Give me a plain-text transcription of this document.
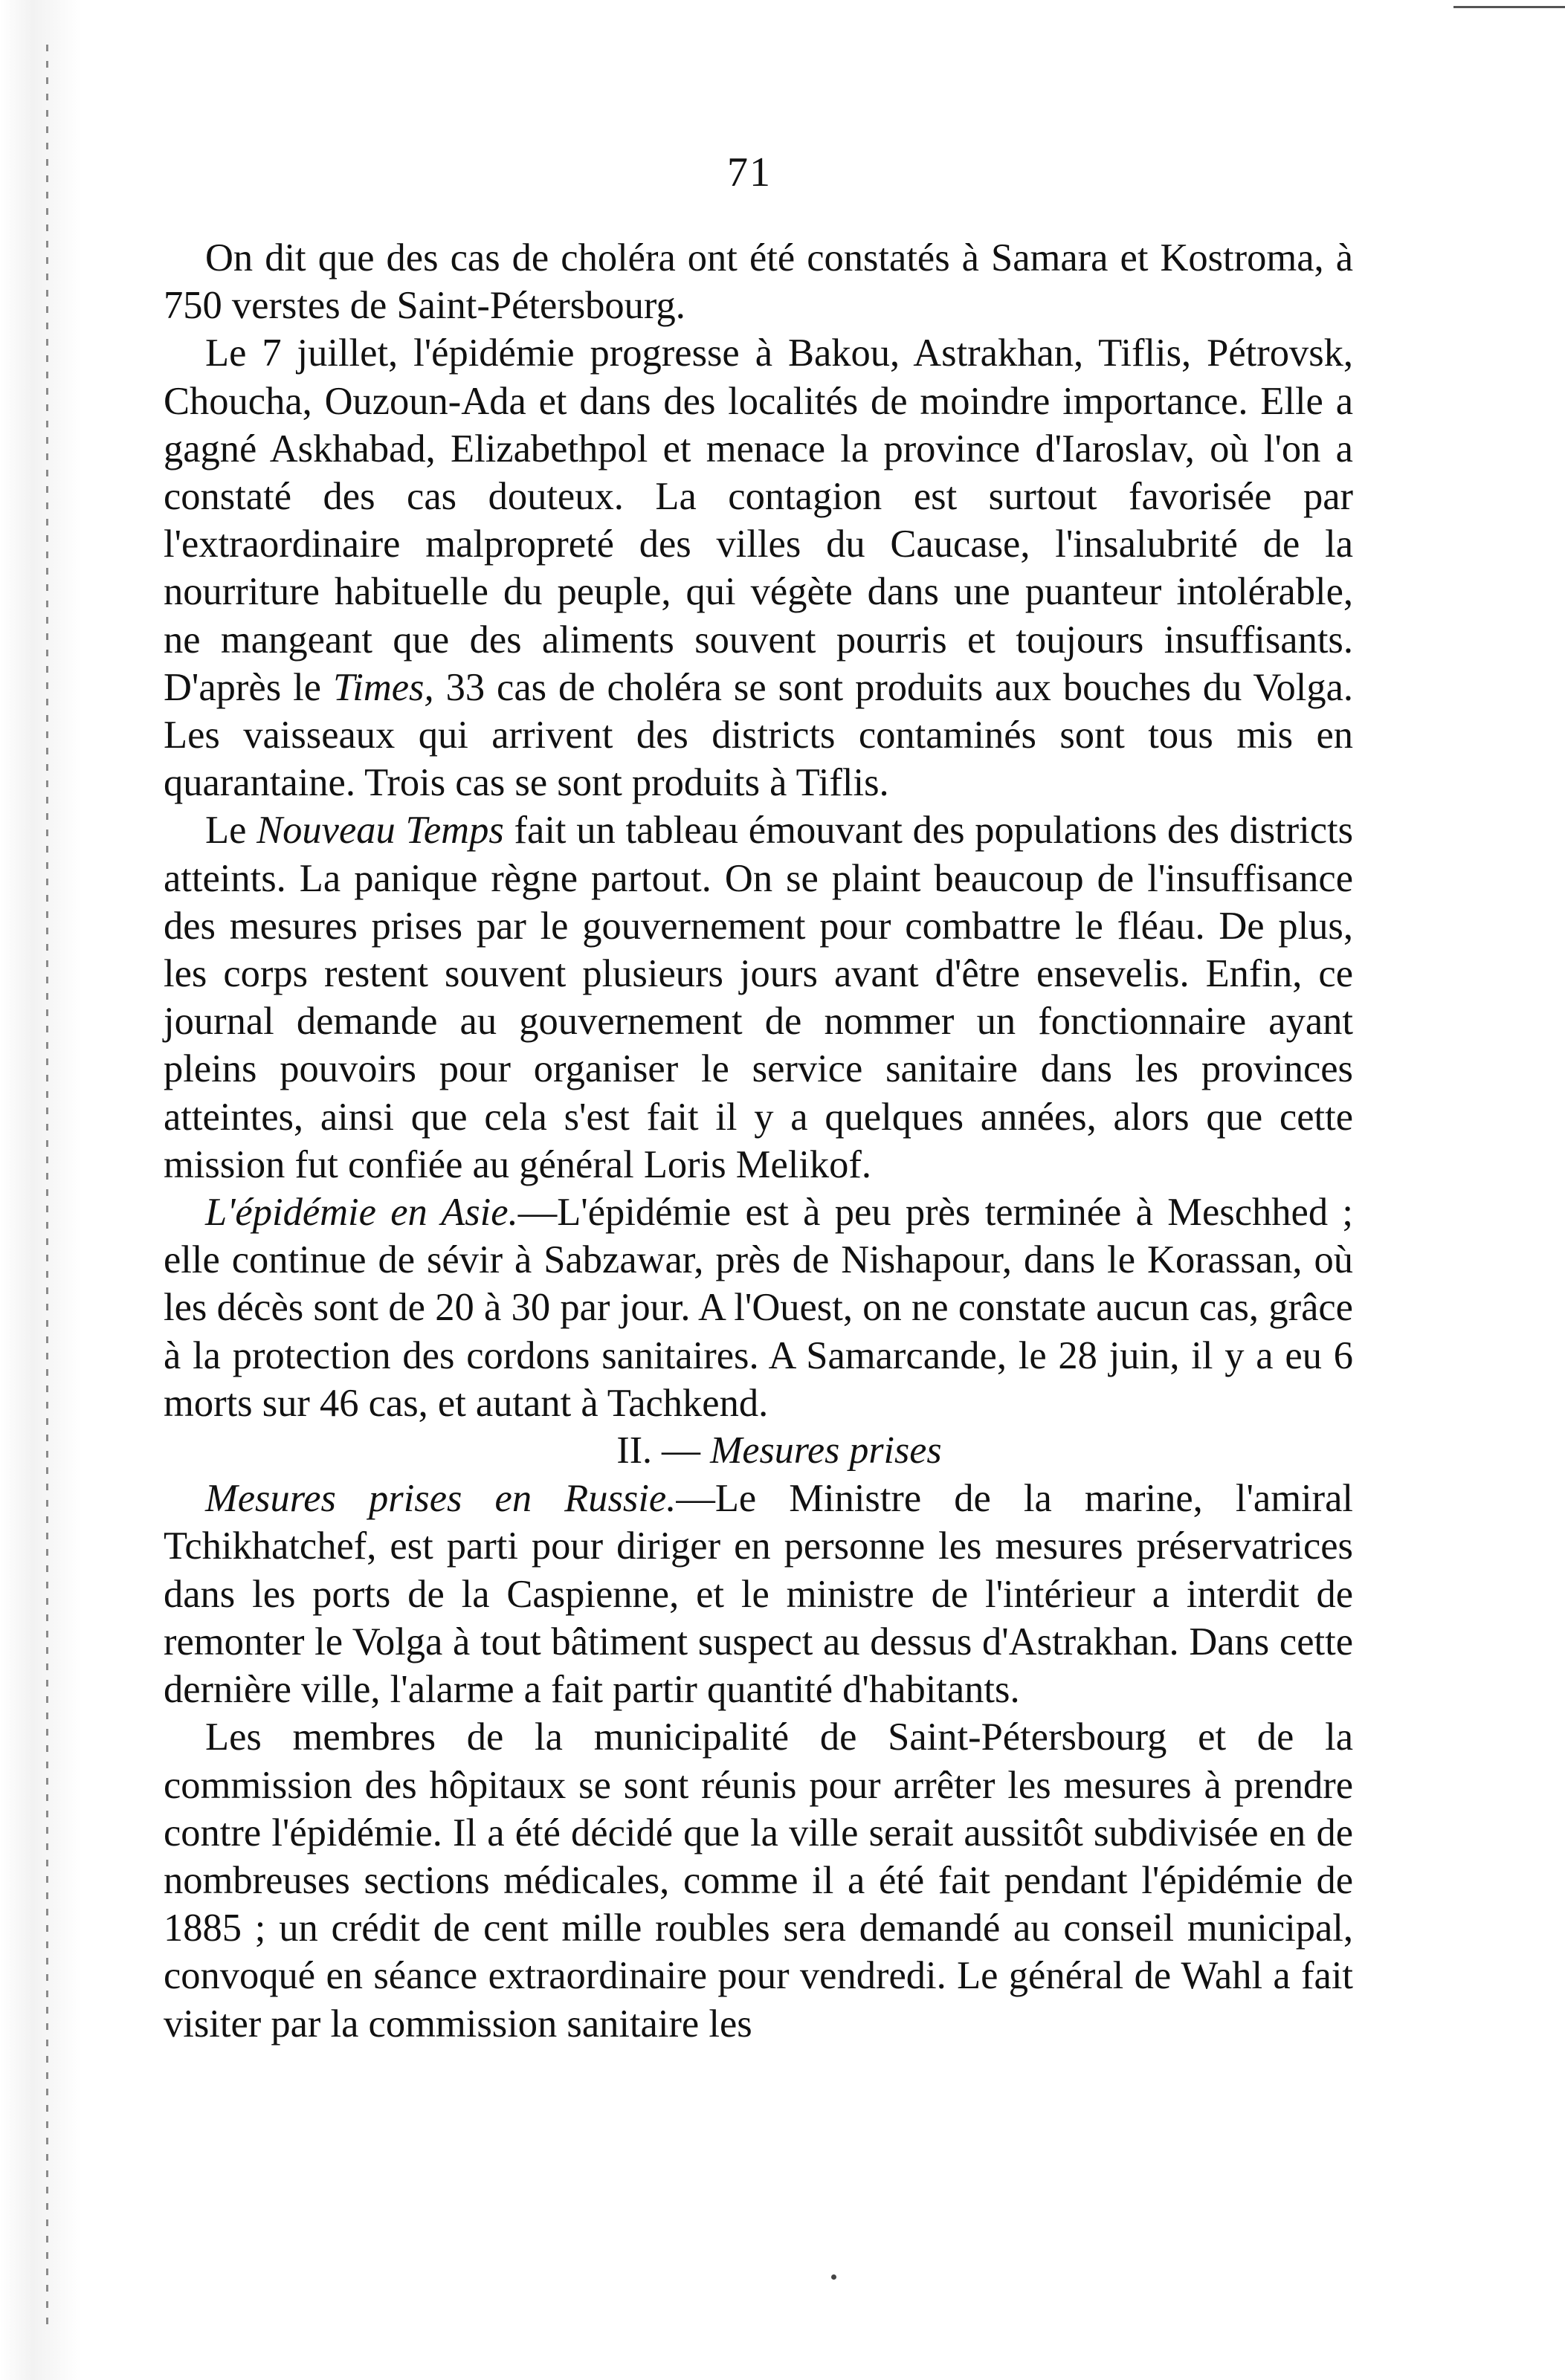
71

On dit que des cas de choléra ont été constatés à Samara et Kostroma, à 750 verstes de Saint-Pétersbourg.

Le 7 juillet, l'épidémie progresse à Bakou, Astrakhan, Tiflis, Pétrovsk, Choucha, Ouzoun-Ada et dans des localités de moindre importance. Elle a gagné Askhabad, Elizabethpol et menace la province d'Iaroslav, où l'on a constaté des cas douteux. La contagion est surtout favorisée par l'extraordinaire malpropreté des villes du Caucase, l'insalubrité de la nourriture habituelle du peuple, qui végète dans une puanteur intolérable, ne mangeant que des aliments souvent pourris et toujours insuffisants. D'après le Times, 33 cas de choléra se sont produits aux bouches du Volga. Les vaisseaux qui arrivent des districts contaminés sont tous mis en quarantaine. Trois cas se sont produits à Tiflis.

Le Nouveau Temps fait un tableau émouvant des populations des districts atteints. La panique règne partout. On se plaint beaucoup de l'insuffisance des mesures prises par le gouvernement pour combattre le fléau. De plus, les corps restent souvent plusieurs jours avant d'être ensevelis. Enfin, ce journal demande au gouvernement de nommer un fonctionnaire ayant pleins pouvoirs pour organiser le service sanitaire dans les provinces atteintes, ainsi que cela s'est fait il y a quelques années, alors que cette mission fut confiée au général Loris Melikof.

L'épidémie en Asie.—L'épidémie est à peu près terminée à Meschhed ; elle continue de sévir à Sabzawar, près de Nishapour, dans le Korassan, où les décès sont de 20 à 30 par jour. A l'Ouest, on ne constate aucun cas, grâce à la protection des cordons sanitaires. A Samarcande, le 28 juin, il y a eu 6 morts sur 46 cas, et autant à Tachkend.

II. — Mesures prises

Mesures prises en Russie.—Le Ministre de la marine, l'amiral Tchikhatchef, est parti pour diriger en personne les mesures préservatrices dans les ports de la Caspienne, et le ministre de l'intérieur a interdit de remonter le Volga à tout bâtiment suspect au dessus d'Astrakhan. Dans cette dernière ville, l'alarme a fait partir quantité d'habitants.

Les membres de la municipalité de Saint-Pétersbourg et de la commission des hôpitaux se sont réunis pour arrêter les mesures à prendre contre l'épidémie. Il a été décidé que la ville serait aussitôt subdivisée en de nombreuses sections médicales, comme il a été fait pendant l'épidémie de 1885 ; un crédit de cent mille roubles sera demandé au conseil municipal, convoqué en séance extraordinaire pour vendredi. Le général de Wahl a fait visiter par la commission sanitaire les
